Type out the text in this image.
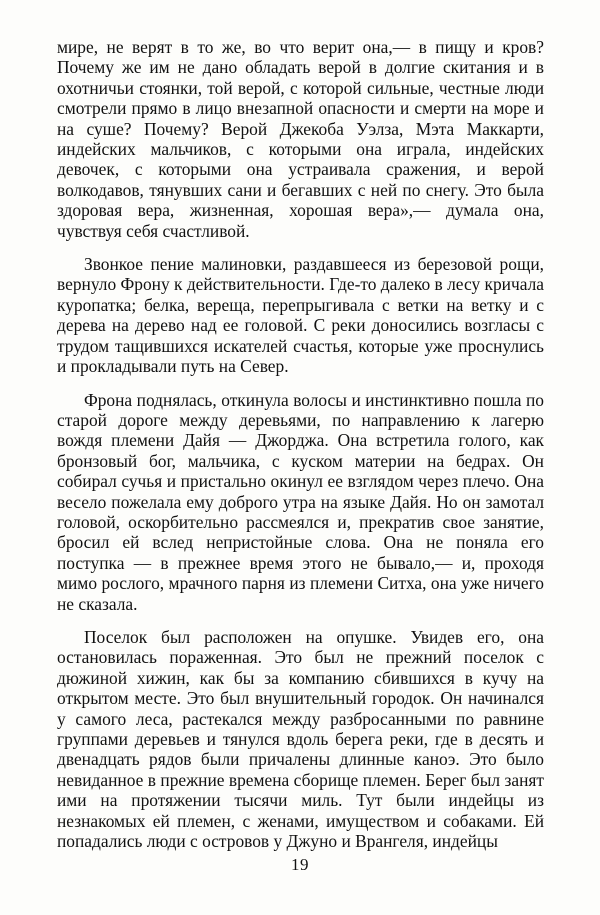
мире, не верят в то же, во что верит она,— в пищу и кров? Почему же им не дано обладать верой в долгие скитания и в охотничьи стоянки, той верой, с которой сильные, честные люди смотрели прямо в лицо внезапной опасности и смерти на море и на суше? Почему? Верой Джекоба Уэлза, Мэта Маккарти, индейских мальчиков, с которыми она играла, индейских девочек, с которыми она устраивала сражения, и верой волкодавов, тянувших сани и бегавших с ней по снегу. Это была здоровая вера, жизненная, хорошая вера»,— думала она, чувствуя себя счастливой.

Звонкое пение малиновки, раздавшееся из березовой рощи, вернуло Фрону к действительности. Где-то далеко в лесу кричала куропатка; белка, вереща, перепрыгивала с ветки на ветку и с дерева на дерево над ее головой. С реки доносились возгласы с трудом тащившихся искателей счастья, которые уже проснулись и прокладывали путь на Север.

Фрона поднялась, откинула волосы и инстинктивно пошла по старой дороге между деревьями, по направлению к лагерю вождя племени Дайя — Джорджа. Она встретила голого, как бронзовый бог, мальчика, с куском материи на бедрах. Он собирал сучья и пристально окинул ее взглядом через плечо. Она весело пожелала ему доброго утра на языке Дайя. Но он замотал головой, оскорбительно рассмеялся и, прекратив свое занятие, бросил ей вслед непристойные слова. Она не поняла его поступка — в прежнее время этого не бывало,— и, проходя мимо рослого, мрачного парня из племени Ситха, она уже ничего не сказала.

Поселок был расположен на опушке. Увидев его, она остановилась пораженная. Это был не прежний поселок с дюжиной хижин, как бы за компанию сбившихся в кучу на открытом месте. Это был внушительный городок. Он начинался у самого леса, растекался между разбросанными по равнине группами деревьев и тянулся вдоль берега реки, где в десять и двенадцать рядов были причалены длинные каноэ. Это было невиданное в прежние времена сборище племен. Берег был занят ими на протяжении тысячи миль. Тут были индейцы из незнакомых ей племен, с женами, имуществом и собаками. Ей попадались люди с островов у Джуно и Врангеля, индейцы

19
